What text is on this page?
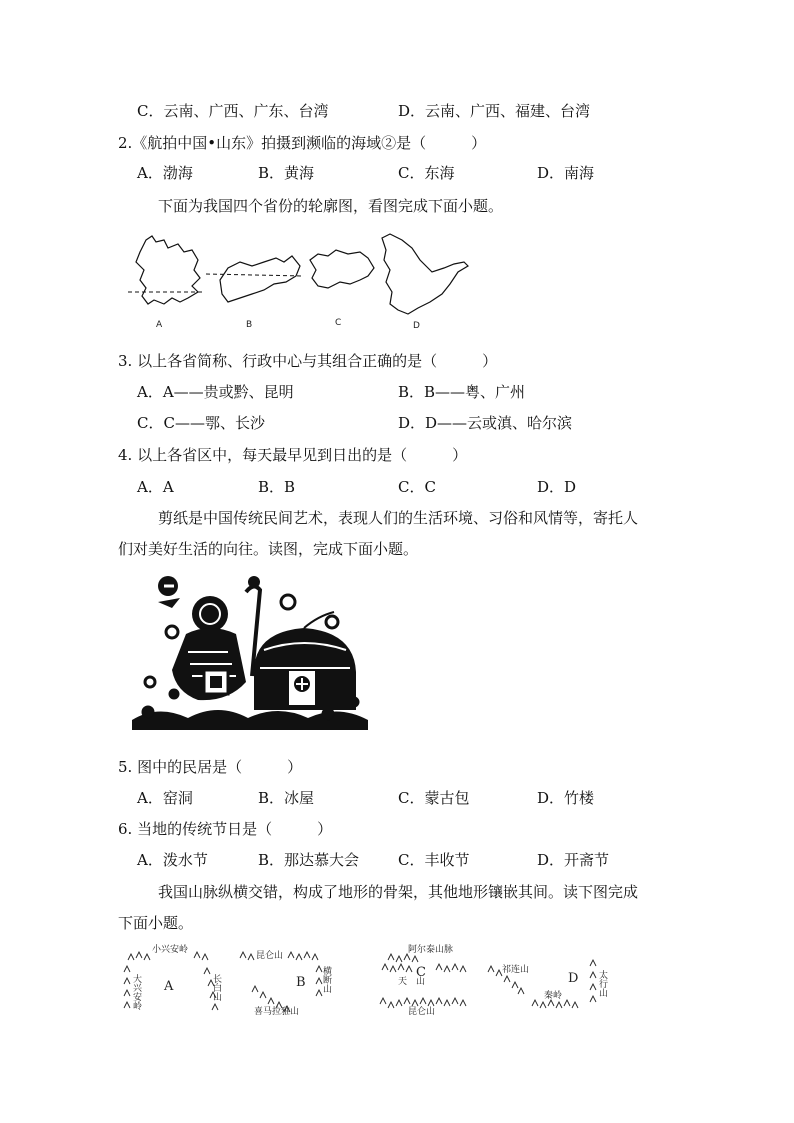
C．云南、广西、广东、台湾	D．云南、广西、福建、台湾
2.《航拍中国•山东》拍摄到濒临的海域②是（　　　）
A．渤海	B．黄海	C．东海	D．南海
下面为我国四个省份的轮廓图，看图完成下面小题。
A	B	C	D
3. 以上各省简称、行政中心与其组合正确的是（　　　）
A．A——贵或黔、昆明	B．B——粤、广州
C．C——鄂、长沙	D．D——云或滇、哈尔滨
4. 以上各省区中，每天最早见到日出的是（　　　）
A．A	B．B	C．C	D．D
剪纸是中国传统民间艺术，表现人们的生活环境、习俗和风情等，寄托人
们对美好生活的向往。读图，完成下面小题。
5. 图中的民居是（　　　）
A．窑洞	B．冰屋	C．蒙古包	D．竹楼
6. 当地的传统节日是（　　　）
A．泼水节	B．那达慕大会	C．丰收节	D．开斋节
我国山脉纵横交错，构成了地形的骨架，其他地形镶嵌其间。读下图完成
下面小题。
小兴安岭
大兴安岭 A	长白山
昆仑山
B 横断山
喜马拉雅山
阿尔泰山脉
C
天　山
昆仑山
祁连山
D 太行山
秦岭
